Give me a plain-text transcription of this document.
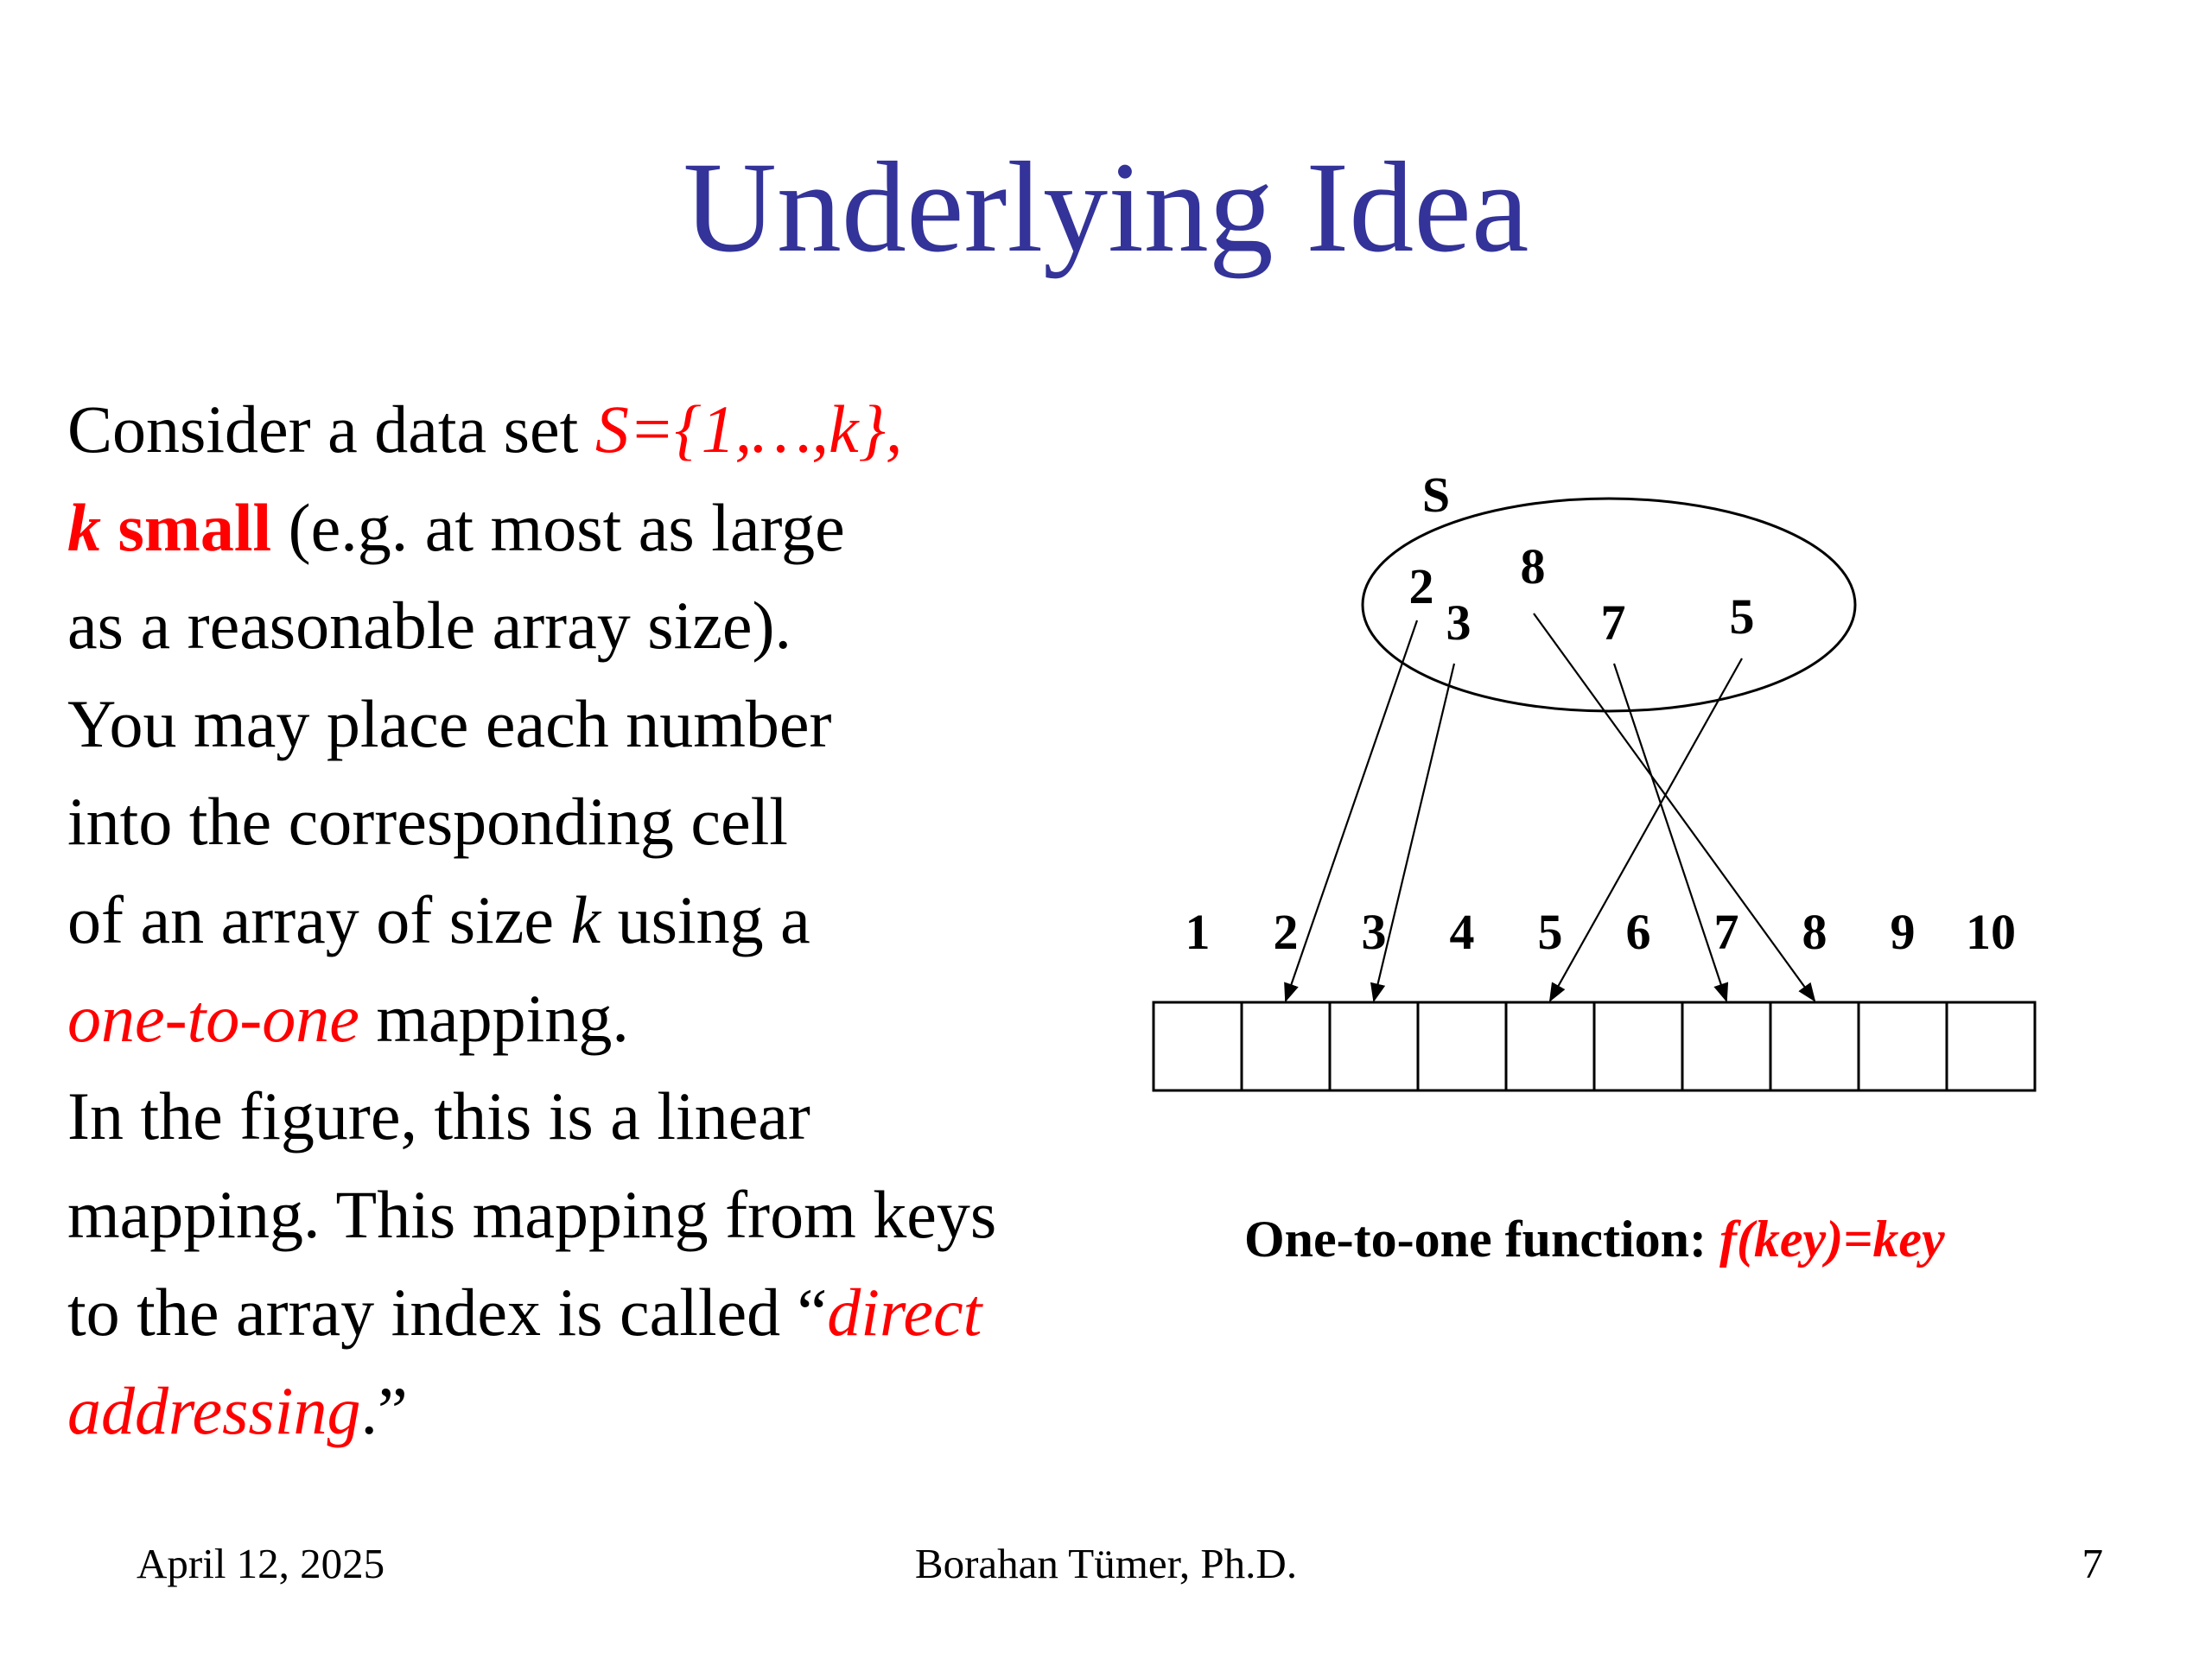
Underlying Idea
Consider a data set S={1,…,k},
k small (e.g. at most as large
as a reasonable array size).
You may place each number
into the corresponding cell
of an array of size k using a
one-to-one mapping.
In the figure, this is a linear
mapping. This mapping from keys
to the array index is called “direct
addressing.”
S
2
3
8
7 5
1 2 3 4 5 6 7 8 9 10
One-to-one function: f(key)=key
April 12, 2025	Borahan Tümer, Ph.D.	7
